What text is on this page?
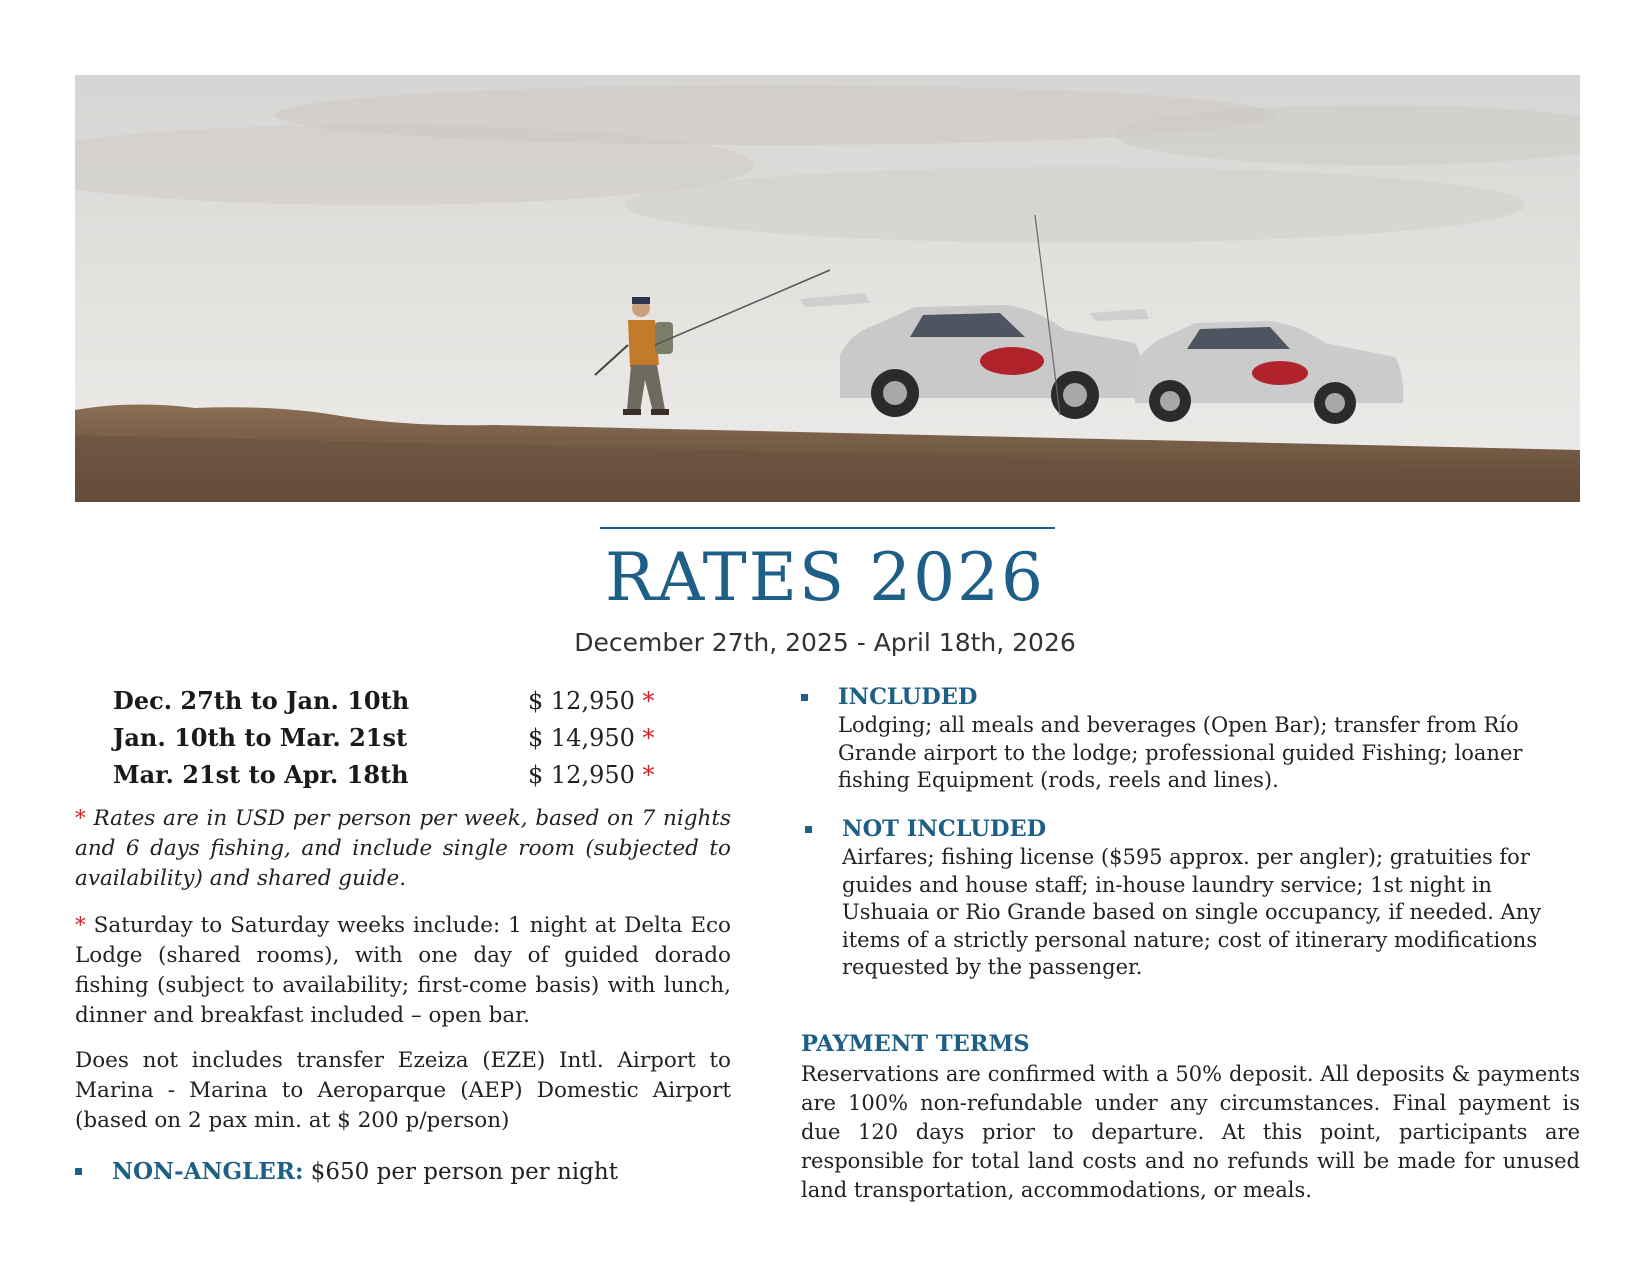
RATES 2026
December 27th, 2025 - April 18th, 2026
Dec. 27th to Jan. 10th	$ 12,950 *
Jan. 10th to Mar. 21st	$ 14,950 *
Mar. 21st to Apr. 18th	$ 12,950 *
* Rates are in USD per person per week, based on 7 nights and 6 days fishing, and include single room (subjected to availability) and shared guide.
* Saturday to Saturday weeks include: 1 night at Delta Eco Lodge (shared rooms), with one day of guided dorado fishing (subject to availability; first-come basis) with lunch, dinner and breakfast included – open bar.
Does not includes transfer Ezeiza (EZE) Intl. Airport to Marina - Marina to Aeroparque (AEP) Domestic Airport (based on 2 pax min. at $ 200 p/person)
NON-ANGLER: $650 per person per night
INCLUDED
Lodging; all meals and beverages (Open Bar); transfer from Río Grande airport to the lodge; professional guided Fishing; loaner fishing Equipment (rods, reels and lines).
NOT INCLUDED
Airfares; fishing license ($595 approx. per angler); gratuities for guides and house staff; in-house laundry service; 1st night in Ushuaia or Rio Grande based on single occupancy, if needed. Any items of a strictly personal nature; cost of itinerary modifications requested by the passenger.
PAYMENT TERMS
Reservations are confirmed with a 50% deposit. All deposits & payments are 100% non-refundable under any circumstances. Final payment is due 120 days prior to departure. At this point, participants are responsible for total land costs and no refunds will be made for unused land transportation, accommodations, or meals.
